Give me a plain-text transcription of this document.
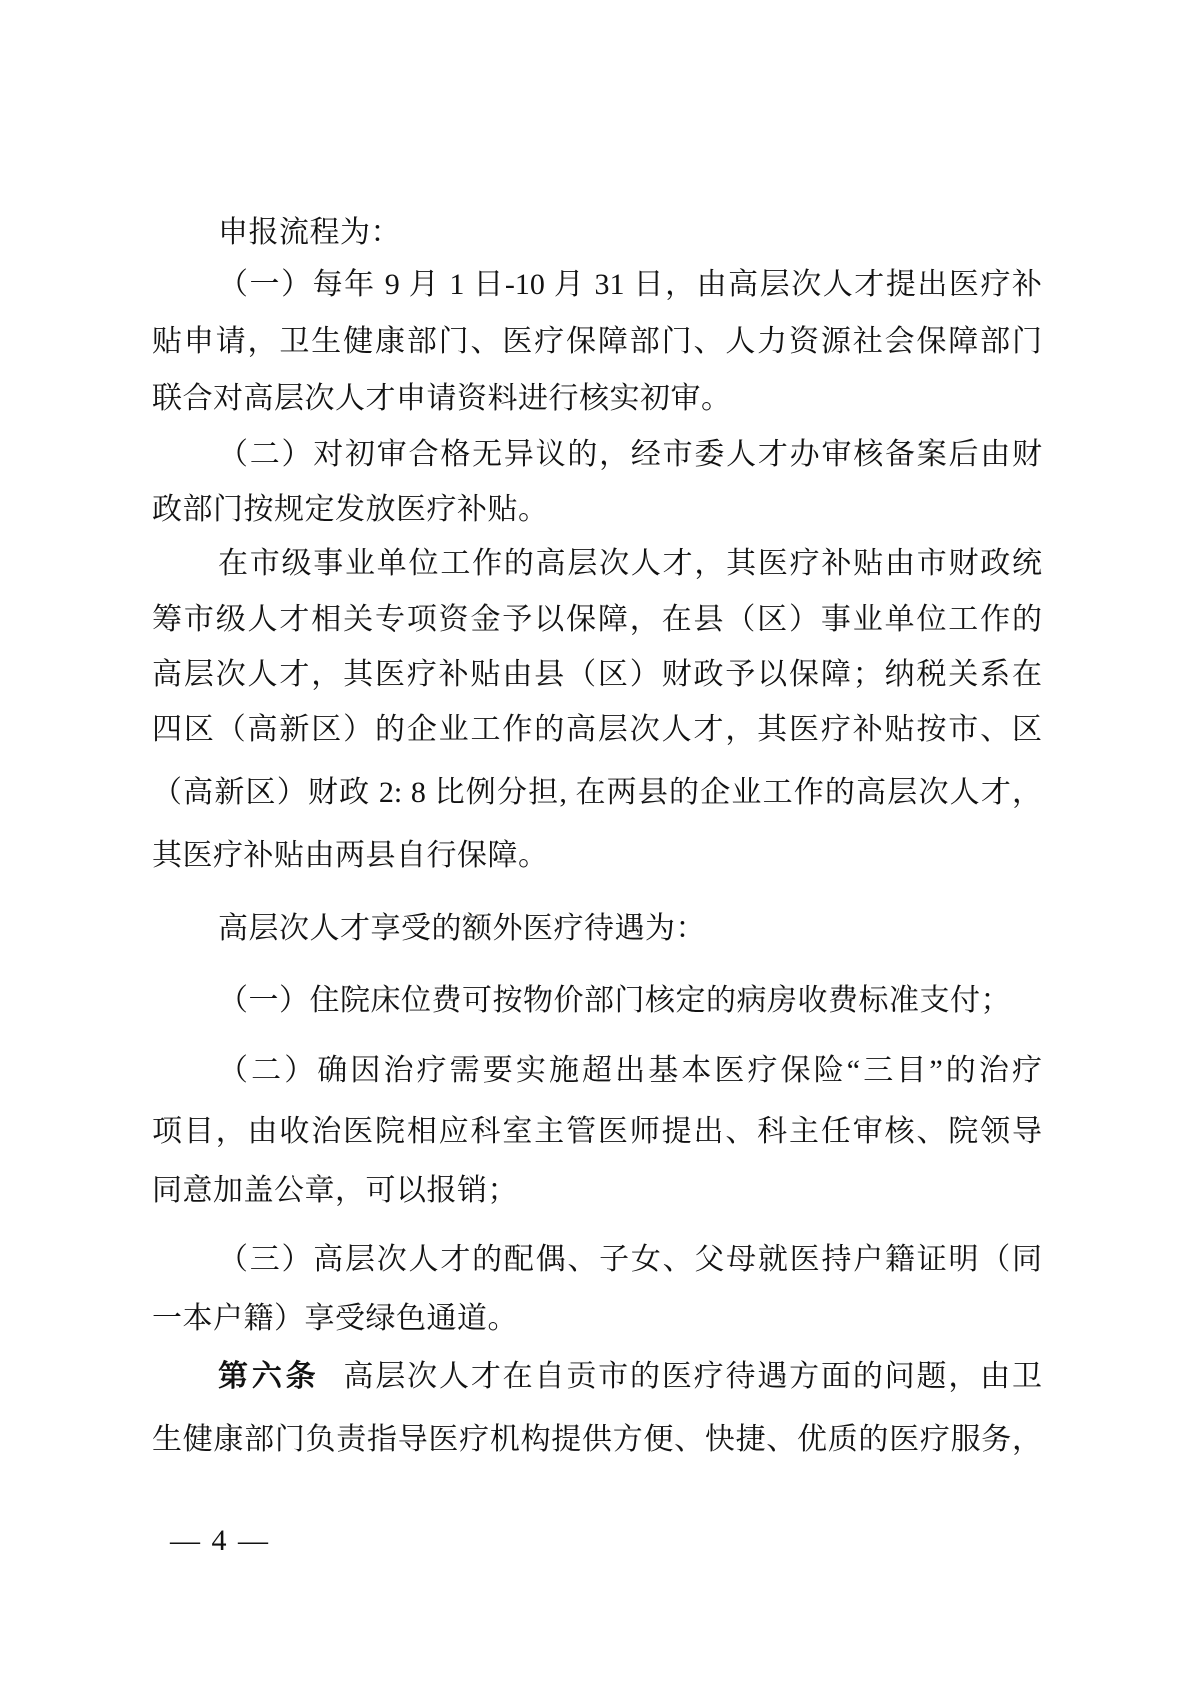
申报流程为：
（一）每年 9 月 1 日-10 月 31 日，由高层次人才提出医疗补
贴申请，卫生健康部门、医疗保障部门、人力资源社会保障部门
联合对高层次人才申请资料进行核实初审。
（二）对初审合格无异议的，经市委人才办审核备案后由财
政部门按规定发放医疗补贴。
在市级事业单位工作的高层次人才，其医疗补贴由市财政统
筹市级人才相关专项资金予以保障，在县（区）事业单位工作的
高层次人才，其医疗补贴由县（区）财政予以保障；纳税关系在
四区（高新区）的企业工作的高层次人才，其医疗补贴按市、区
（高新区）财政 2: 8 比例分担, 在两县的企业工作的高层次人才，
其医疗补贴由两县自行保障。
高层次人才享受的额外医疗待遇为：
（一）住院床位费可按物价部门核定的病房收费标准支付；
（二）确因治疗需要实施超出基本医疗保险“三目”的治疗
项目，由收治医院相应科室主管医师提出、科主任审核、院领导
同意加盖公章，可以报销；
（三）高层次人才的配偶、子女、父母就医持户籍证明（同
一本户籍）享受绿色通道。
第六条 高层次人才在自贡市的医疗待遇方面的问题，由卫
生健康部门负责指导医疗机构提供方便、快捷、优质的医疗服务，
— 4 —
